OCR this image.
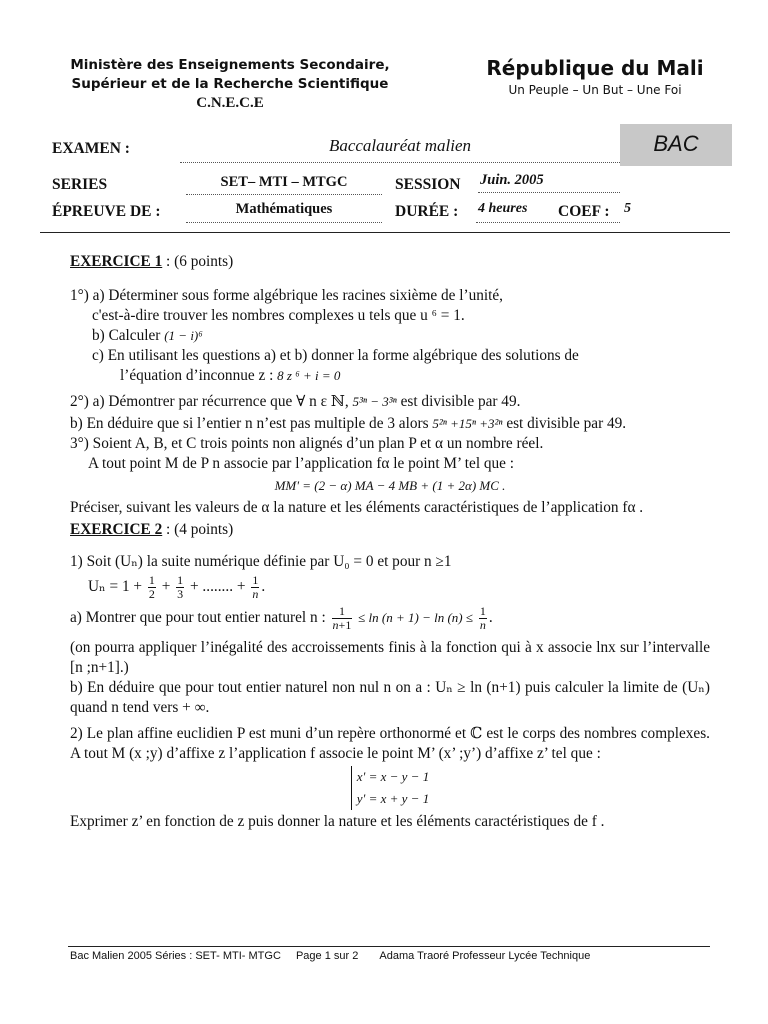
Ministère des Enseignements Secondaire,
Supérieur et de la Recherche Scientifique
C.N.E.C.E
République du Mali
Un Peuple – Un But – Une Foi
EXAMEN :	Baccalauréat malien	BAC
SERIES	SET– MTI – MTGC	SESSION Juin. 2005
ÉPREUVE DE :	Mathématiques	DURÉE : 4 heures COEF : 5

EXERCICE 1 : (6 points)

1°) a) Déterminer sous forme algébrique les racines sixième de l’unité,

c'est-à-dire trouver les nombres complexes u tels que u ⁶ = 1.

b) Calculer (1 − i)⁶

c) En utilisant les questions a) et b) donner la forme algébrique des solutions de

l’équation d’inconnue z : 8 z ⁶ + i = 0

2°) a) Démontrer par récurrence que ∀ n ε ℕ, 5³ⁿ − 3³ⁿ est divisible par 49.

b) En déduire que si l’entier n n’est pas multiple de 3 alors 5²ⁿ +15ⁿ +3²ⁿ est divisible par 49.

3°) Soient A, B, et C trois points non alignés d’un plan P et α un nombre réel.

A tout point M de P n associe par l’application fα le point M’ tel que :

MM' = (2 − α) MA − 4 MB + (1 + 2α) MC .

Préciser, suivant les valeurs de α la nature et les éléments caractéristiques de l’application fα .

EXERCICE 2 : (4 points)

1) Soit (Uₙ) la suite numérique définie par U₀ = 0 et pour n ≥1

$U_n = 1 + \frac{1}{2} + \frac{1}{3}$ + ........ + $\frac{1}{n}$ .

a) Montrer que pour tout entier naturel n : $\frac{1}{n+1} \le \ln (n + 1) - \ln (n) \le \frac{1}{n}$ .

(on pourra appliquer l’inégalité des accroissements finis à la fonction qui à x associe lnx sur l’intervalle [n ;n+1].)

b) En déduire que pour tout entier naturel non nul n on a : Uₙ ≥ ln (n+1) puis calculer la limite de (Uₙ) quand n tend vers + ∞.

2) Le plan affine euclidien P est muni d’un repère orthonormé et ℂ est le corps des nombres complexes. A tout M (x ;y) d’affixe z l’application f associe le point M’ (x’ ;y’) d’affixe z’ tel que :

x' = x − y − 1
y' = x + y − 1

Exprimer z’ en fonction de z puis donner la nature et les éléments caractéristiques de f .

Bac Malien 2005 Séries : SET- MTI- MTGC Page 1 sur 2 Adama Traoré Professeur Lycée Technique
